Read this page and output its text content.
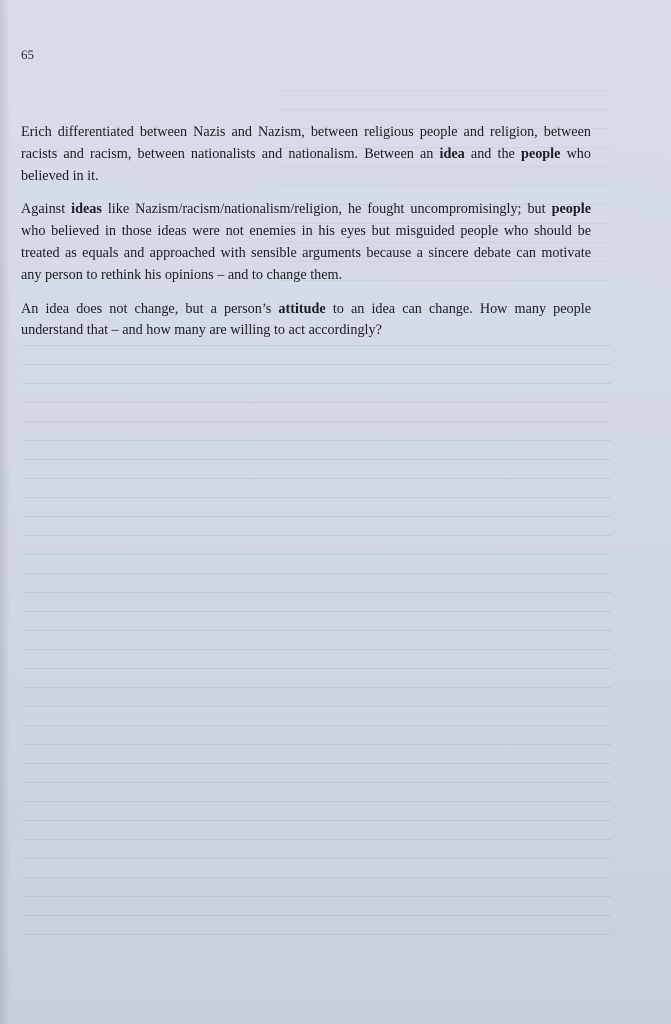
65

Erich differentiated between Nazis and Nazism, between religious people and religion, between racists and racism, between nationalists and nationalism. Between an idea and the people who believed in it.

Against ideas like Nazism/racism/nationalism/religion, he fought uncompromisingly; but people who believed in those ideas were not enemies in his eyes but misguided people who should be treated as equals and approached with sensible arguments because a sincere debate can motivate any person to rethink his opinions – and to change them.

An idea does not change, but a person’s attitude to an idea can change. How many people understand that – and how many are willing to act accordingly?
